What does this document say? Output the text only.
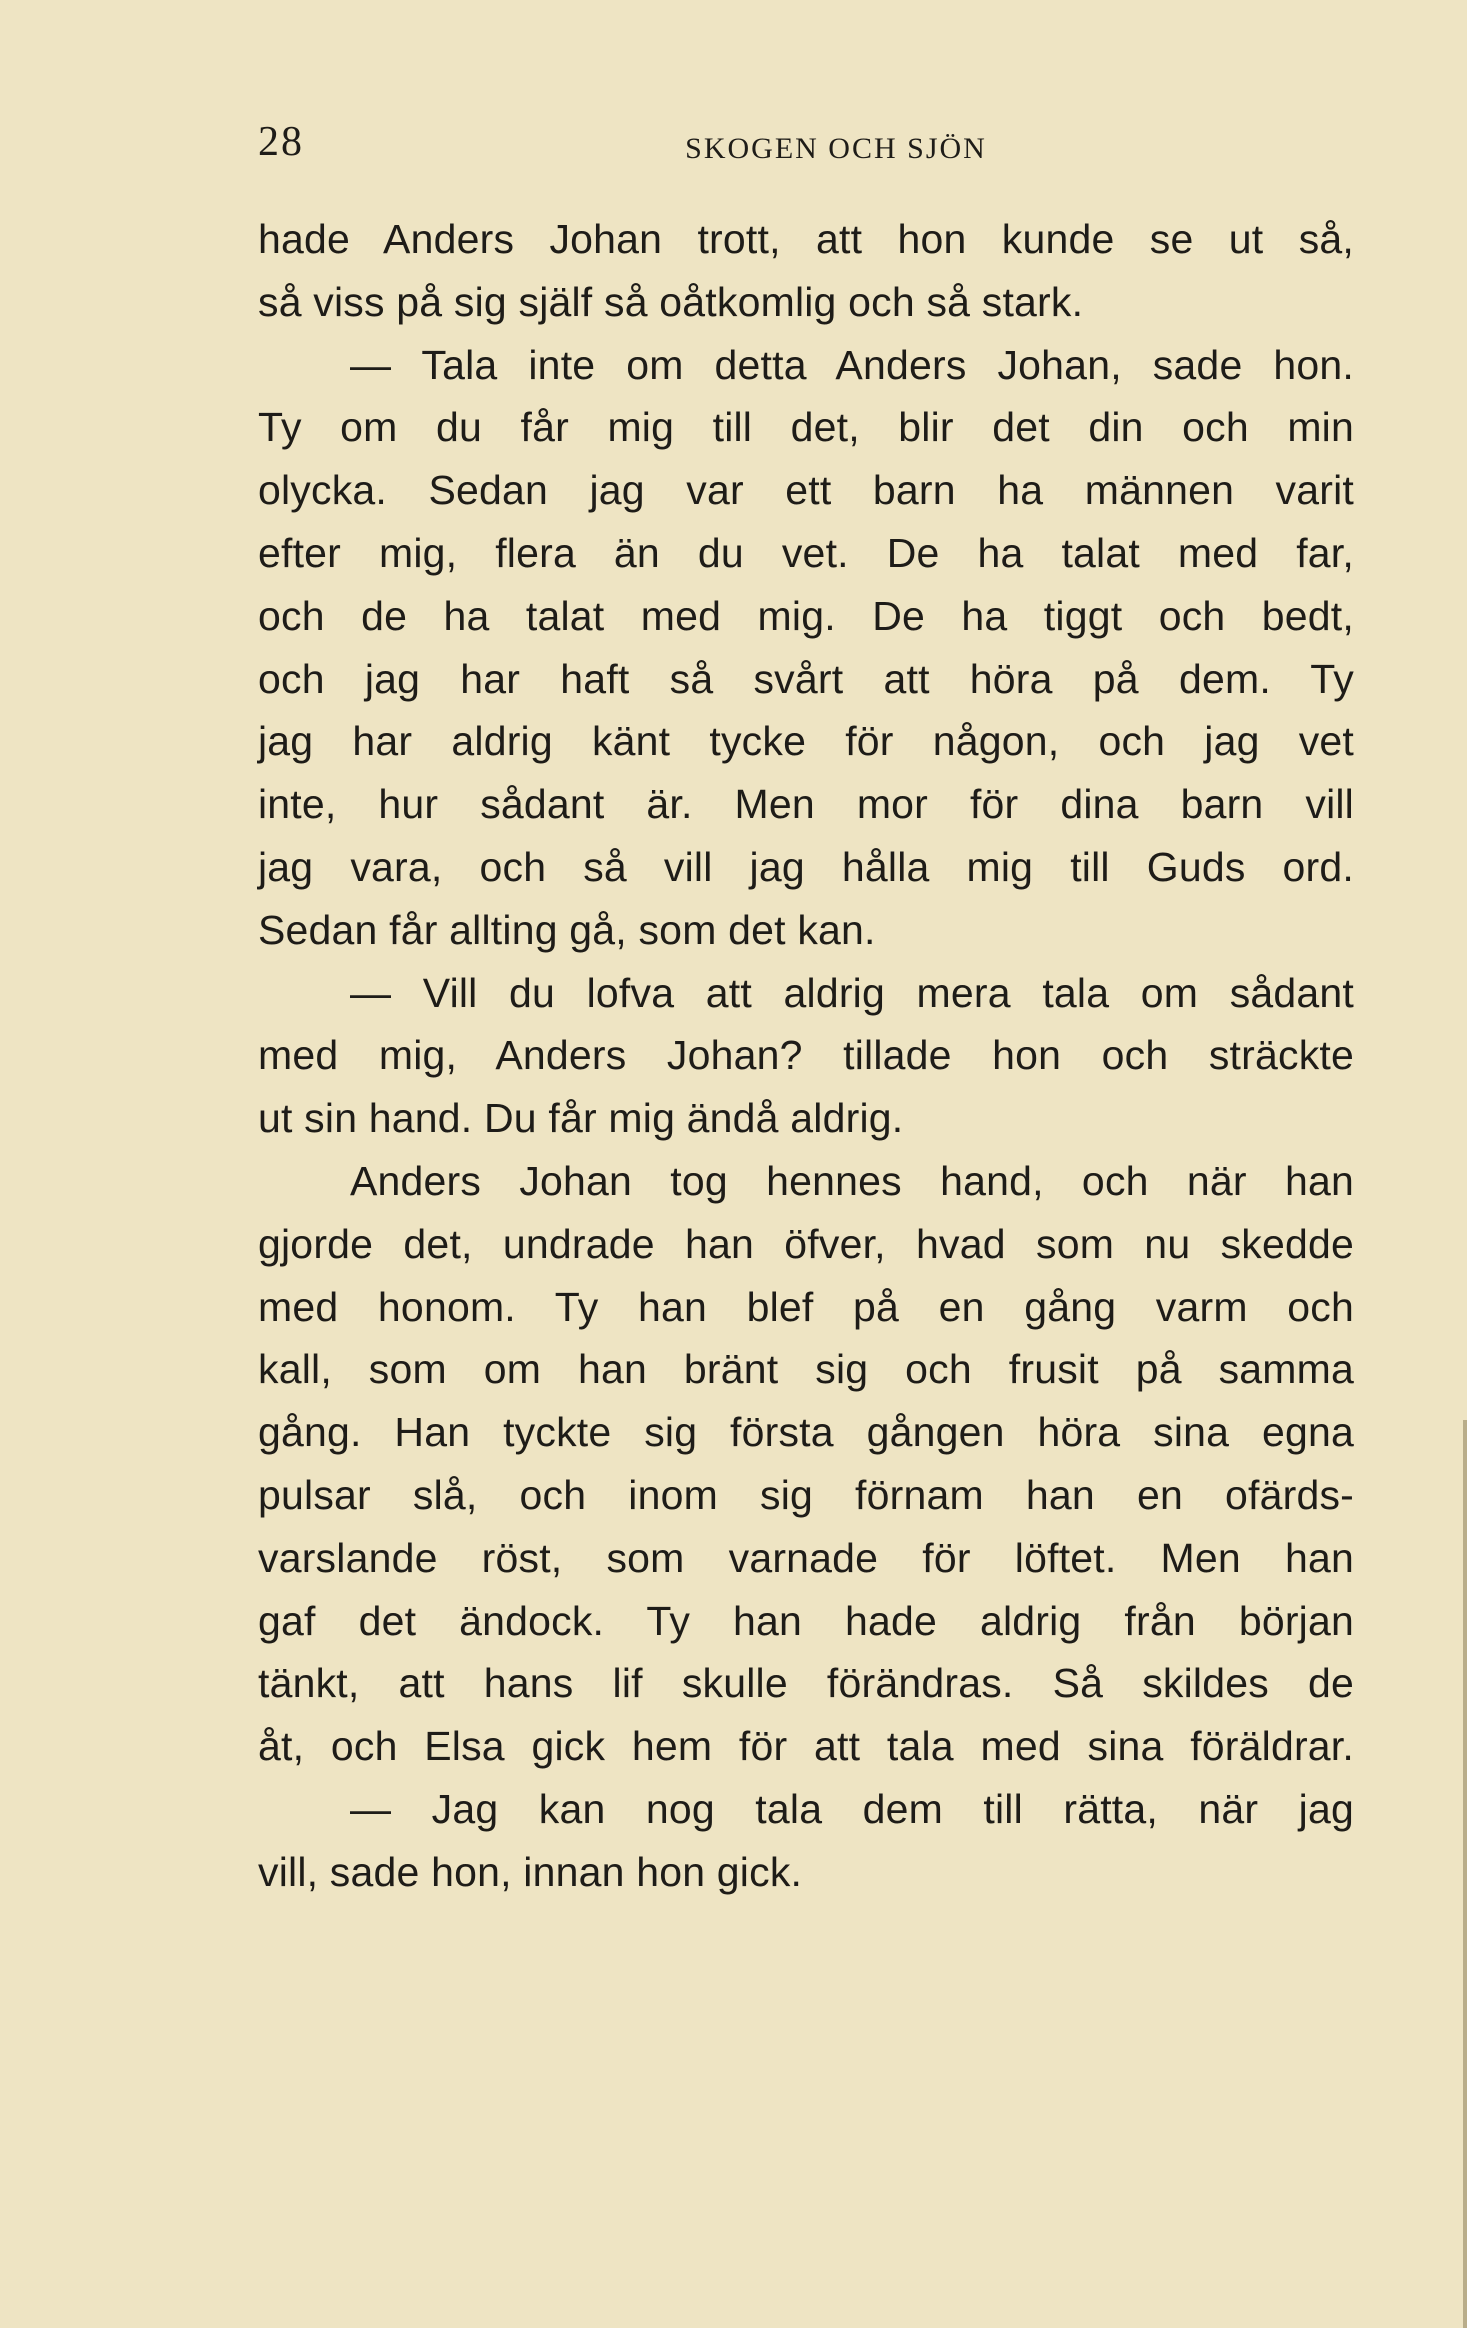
28	SKOGEN OCH SJÖN
hade Anders Johan trott, att hon kunde se ut så,
så viss på sig själf så oåtkomlig och så stark.
— Tala inte om detta Anders Johan, sade hon.
Ty om du får mig till det, blir det din och min
olycka. Sedan jag var ett barn ha männen varit
efter mig, flera än du vet. De ha talat med far,
och de ha talat med mig. De ha tiggt och bedt,
och jag har haft så svårt att höra på dem. Ty
jag har aldrig känt tycke för någon, och jag vet
inte, hur sådant är. Men mor för dina barn vill
jag vara, och så vill jag hålla mig till Guds ord.
Sedan får allting gå, som det kan.
— Vill du lofva att aldrig mera tala om sådant
med mig, Anders Johan? tillade hon och sträckte
ut sin hand. Du får mig ändå aldrig.
Anders Johan tog hennes hand, och när han
gjorde det, undrade han öfver, hvad som nu skedde
med honom. Ty han blef på en gång varm och
kall, som om han bränt sig och frusit på samma
gång. Han tyckte sig första gången höra sina egna
pulsar slå, och inom sig förnam han en ofärds-
varslande röst, som varnade för löftet. Men han
gaf det ändock. Ty han hade aldrig från början
tänkt, att hans lif skulle förändras. Så skildes de
åt, och Elsa gick hem för att tala med sina föräldrar.
— Jag kan nog tala dem till rätta, när jag
vill, sade hon, innan hon gick.
